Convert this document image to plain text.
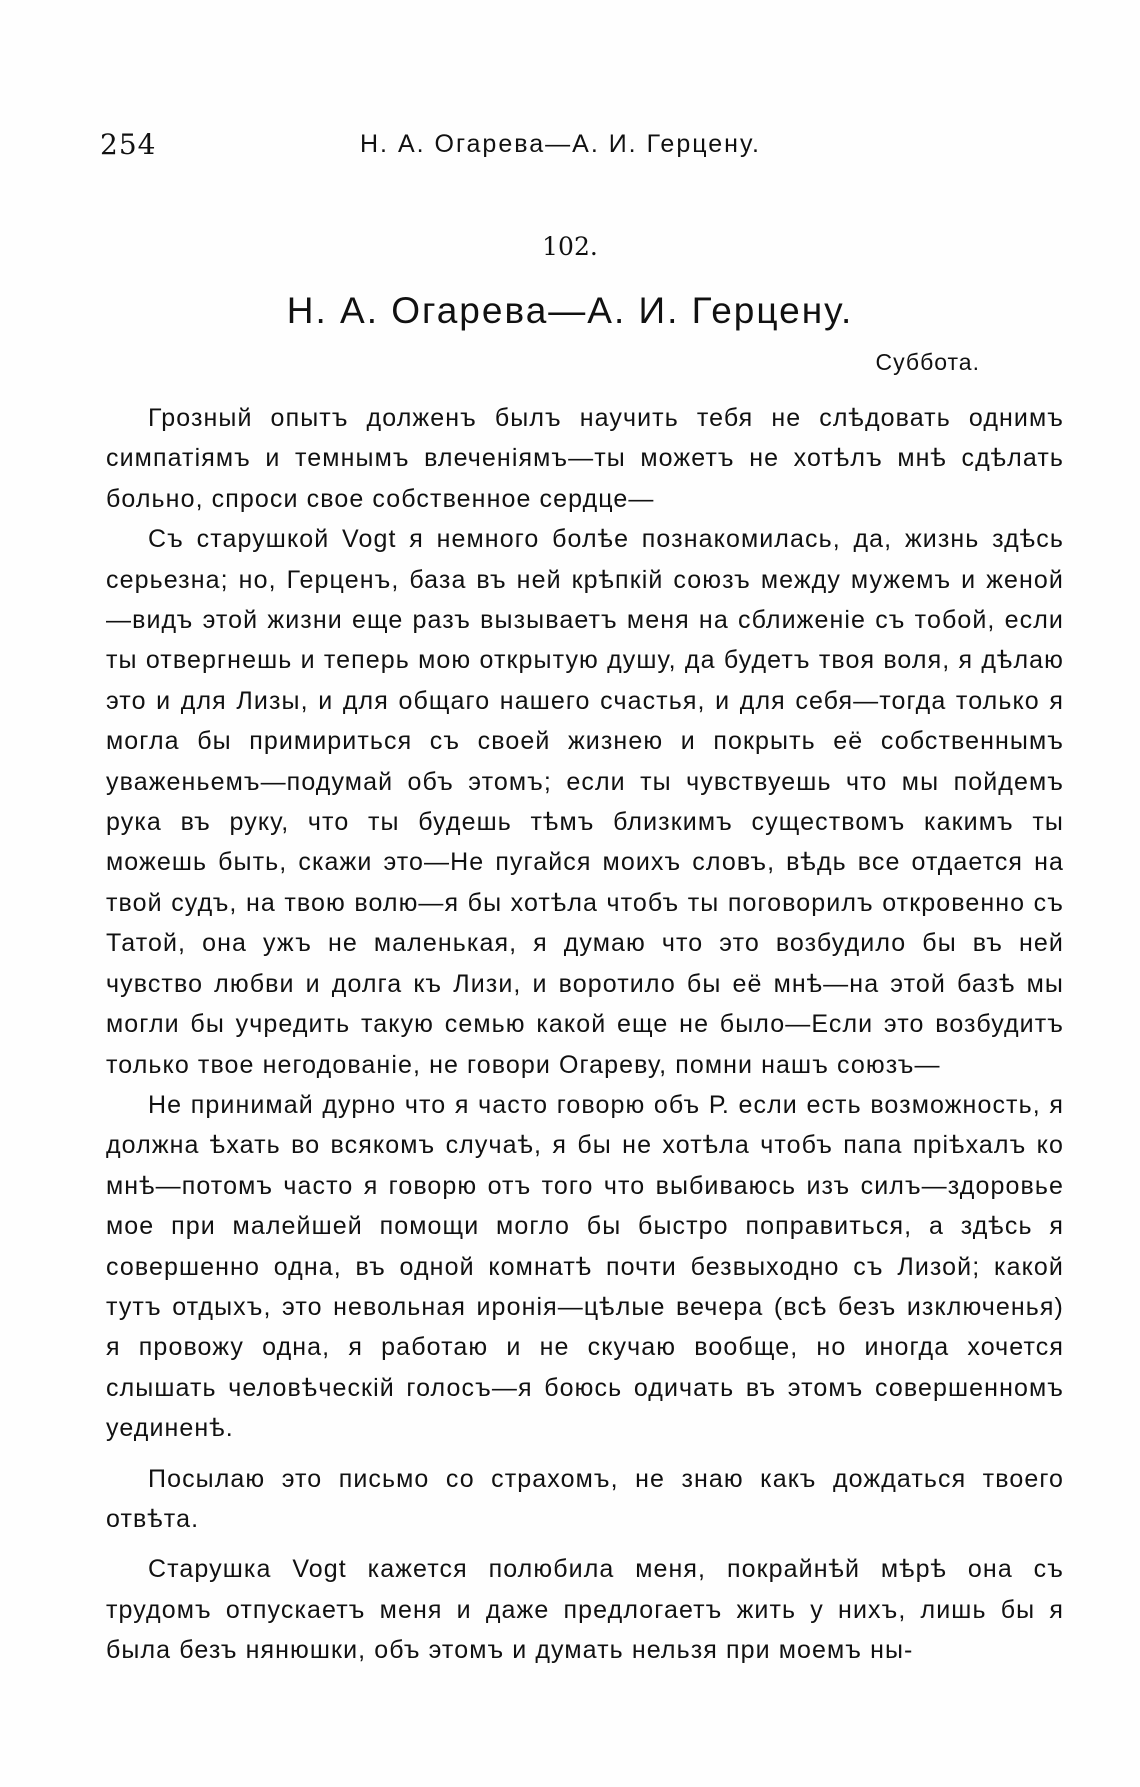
254	Н. А. Огарева—А. И. Герцену.
102.
Н. А. Огарева—А. И. Герцену.
Суббота.

Грозный опытъ долженъ былъ научить тебя не слѣдовать однимъ симпатіямъ и темнымъ влеченіямъ—ты можетъ не хотѣлъ мнѣ сдѣлать больно, спроси свое собственное сердце—

Съ старушкой Vogt я немного болѣе познакомилась, да, жизнь здѣсь серьезна; но, Герценъ, база въ ней крѣпкій союзъ между мужемъ и женой—видъ этой жизни еще разъ вызываетъ меня на сближеніе съ тобой, если ты отвергнешь и теперь мою открытую душу, да будетъ твоя воля, я дѣлаю это и для Лизы, и для общаго нашего счастья, и для себя—тогда только я могла бы примириться съ своей жизнею и покрыть её собственнымъ уваженьемъ—подумай объ этомъ; если ты чувствуешь что мы пойдемъ рука въ руку, что ты будешь тѣмъ близкимъ существомъ какимъ ты можешь быть, скажи это—Не пугайся моихъ словъ, вѣдь все отдается на твой судъ, на твою волю—я бы хотѣла чтобъ ты поговорилъ откровенно съ Татой, она ужъ не маленькая, я думаю что это возбудило бы въ ней чувство любви и долга къ Лизи, и воротило бы её мнѣ—на этой базѣ мы могли бы учредить такую семью какой еще не было—Если это возбудитъ только твое негодованіе, не говори Огареву, помни нашъ союзъ—

Не принимай дурно что я часто говорю объ Р. если есть возможность, я должна ѣхать во всякомъ случаѣ, я бы не хотѣла чтобъ папа пріѣхалъ ко мнѣ—потомъ часто я говорю отъ того что выбиваюсь изъ силъ—здоровье мое при малейшей помощи могло бы быстро поправиться, а здѣсь я совершенно одна, въ одной комнатѣ почти безвыходно съ Лизой; какой тутъ отдыхъ, это невольная иронія—цѣлые вечера (всѣ безъ изключенья) я провожу одна, я работаю и не скучаю вообще, но иногда хочется слышать человѣческій голосъ—я боюсь одичать въ этомъ совершенномъ уединенѣ.

Посылаю это письмо со страхомъ, не знаю какъ дождаться твоего отвѣта.

Старушка Vogt кажется полюбила меня, покрайнѣй мѣрѣ она съ трудомъ отпускаетъ меня и даже предлогаетъ жить у нихъ, лишь бы я была безъ нянюшки, объ этомъ и думать нельзя при моемъ ны-
